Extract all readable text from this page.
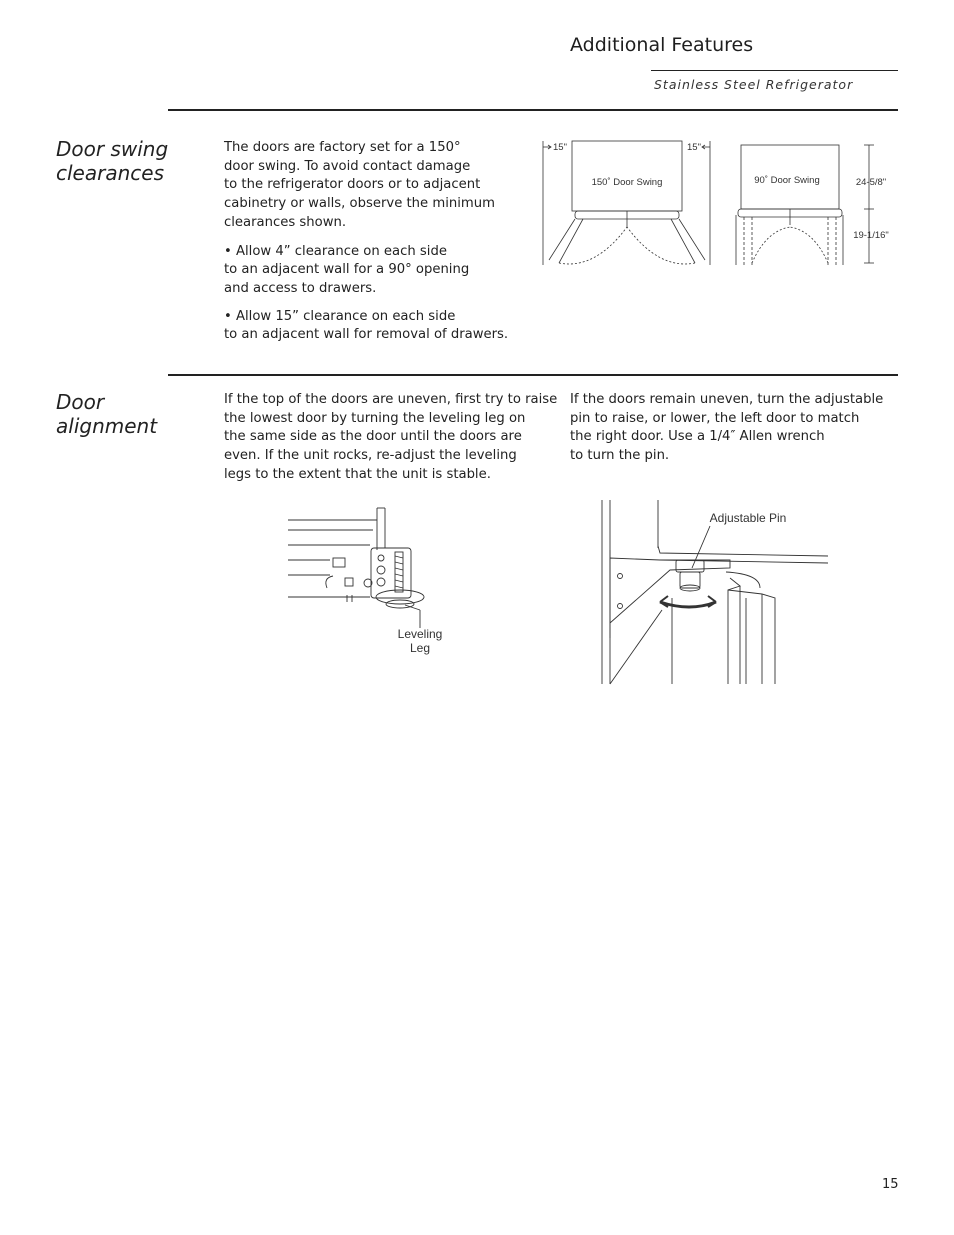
Additional Features
Stainless Steel Refrigerator
Door swing
clearances

The doors are factory set for a 150°
door swing. To avoid contact damage
to the refrigerator doors or to adjacent
cabinetry or walls, observe the minimum
clearances shown.

• Allow 4” clearance on each side
to an adjacent wall for a 90° opening
and access to drawers.

• Allow 15” clearance on each side
to an adjacent wall for removal of drawers.

15"	15"
150˚ Door Swing	90˚ Door Swing	24-5/8"
19-1/16"
Door
alignment

If the top of the doors are uneven, first try to raise
the lowest door by turning the leveling leg on
the same side as the door until the doors are
even. If the unit rocks, re-adjust the leveling
legs to the extent that the unit is stable.

If the doors remain uneven, turn the adjustable
pin to raise, or lower, the left door to match
the right door. Use a 1/4″ Allen wrench
to turn the pin.

Leveling
Leg
Adjustable Pin
15
